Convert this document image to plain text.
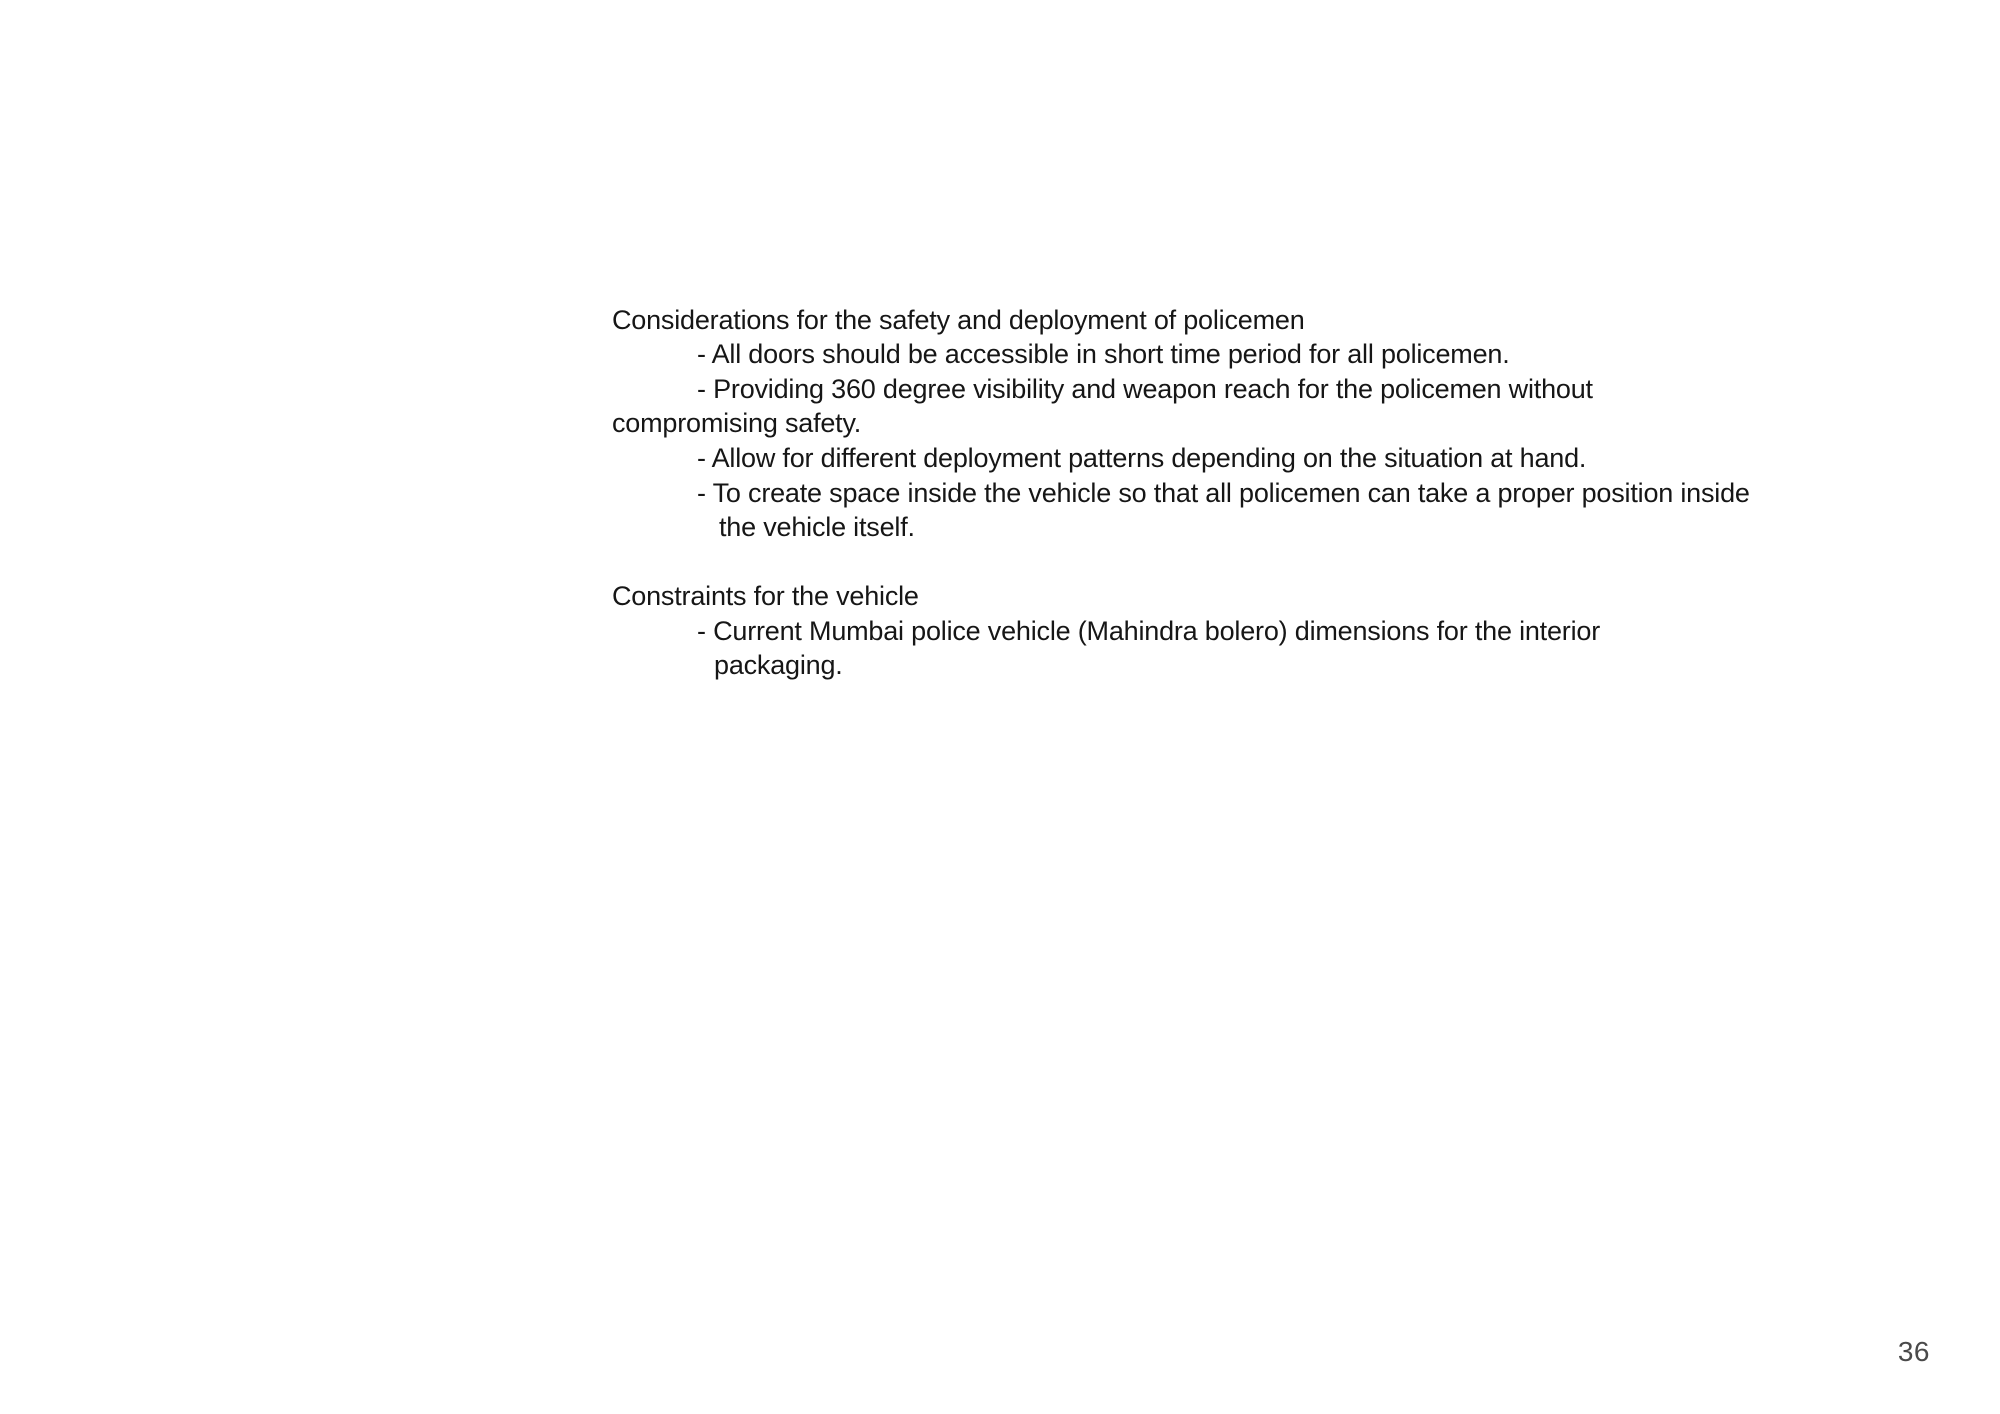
Considerations for the safety and deployment of policemen
- All doors should be accessible in short time period for all policemen.
- Providing 360 degree visibility and weapon reach for the policemen without
compromising safety.
- Allow for different deployment patterns depending on the situation at hand.
- To create space inside the vehicle so that all policemen can take a proper position inside
the vehicle itself.
Constraints for the vehicle
- Current Mumbai police vehicle (Mahindra bolero) dimensions for the interior
packaging.
36
